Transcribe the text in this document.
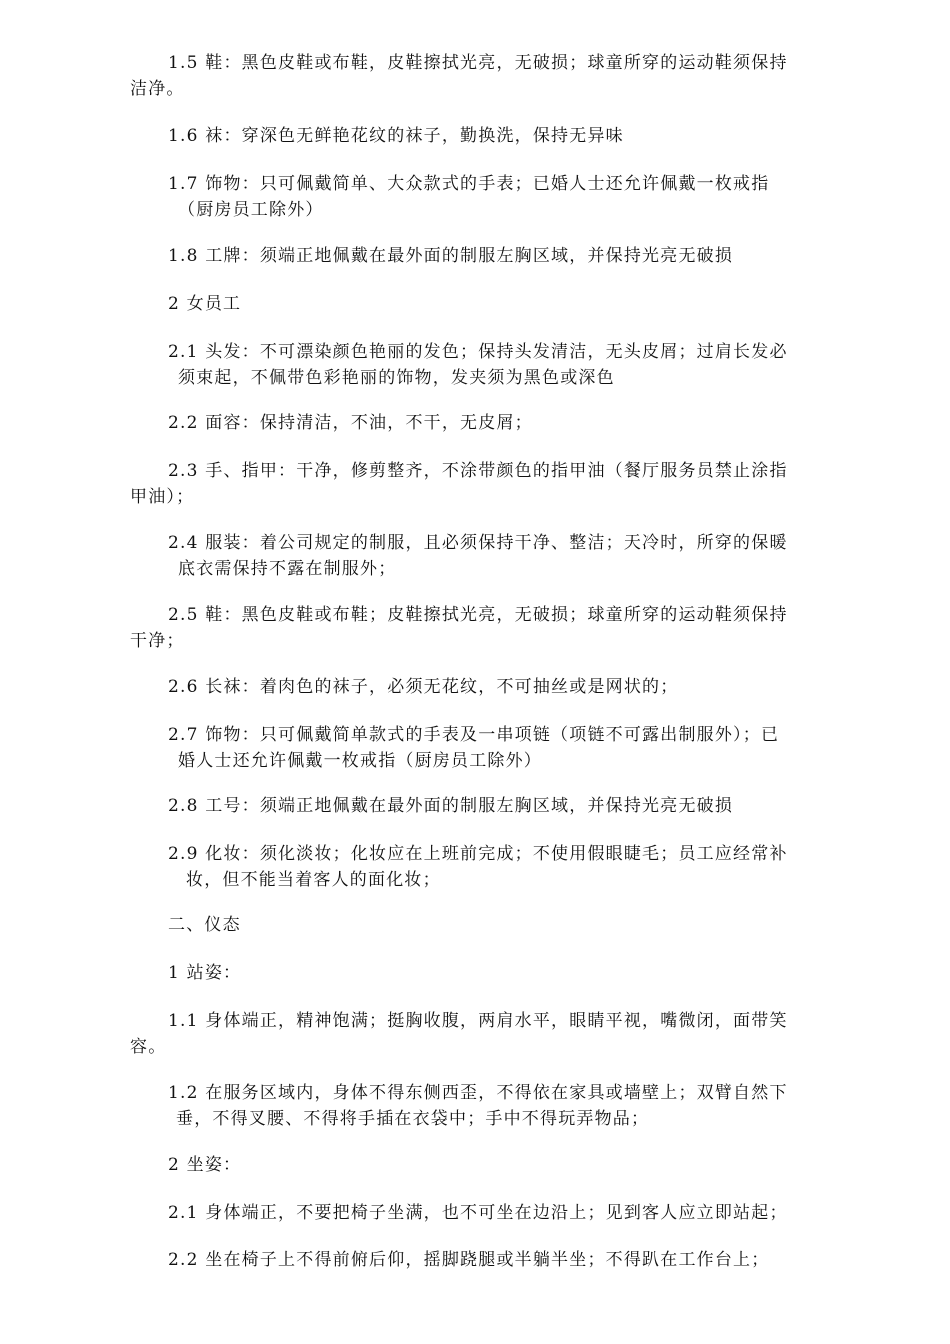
1.5 鞋：黑色皮鞋或布鞋，皮鞋擦拭光亮，无破损；球童所穿的运动鞋须保持
洁净。
1.6 袜：穿深色无鲜艳花纹的袜子，勤换洗，保持无异味
1.7 饰物：只可佩戴简单、大众款式的手表；已婚人士还允许佩戴一枚戒指
（厨房员工除外）
1.8 工牌：须端正地佩戴在最外面的制服左胸区域，并保持光亮无破损
2 女员工
2.1 头发：不可漂染颜色艳丽的发色；保持头发清洁，无头皮屑；过肩长发必
须束起，不佩带色彩艳丽的饰物，发夹须为黑色或深色
2.2 面容：保持清洁，不油，不干，无皮屑；
2.3 手、指甲：干净，修剪整齐，不涂带颜色的指甲油（餐厅服务员禁止涂指
甲油）；
2.4 服装：着公司规定的制服，且必须保持干净、整洁；天冷时，所穿的保暖
底衣需保持不露在制服外；
2.5 鞋：黑色皮鞋或布鞋；皮鞋擦拭光亮，无破损；球童所穿的运动鞋须保持
干净；
2.6 长袜：着肉色的袜子，必须无花纹，不可抽丝或是网状的；
2.7 饰物：只可佩戴简单款式的手表及一串项链（项链不可露出制服外）；已
婚人士还允许佩戴一枚戒指（厨房员工除外）
2.8 工号：须端正地佩戴在最外面的制服左胸区域，并保持光亮无破损
2.9 化妆：须化淡妆；化妆应在上班前完成；不使用假眼睫毛；员工应经常补
妆，但不能当着客人的面化妆；
二、仪态
1 站姿：
1.1 身体端正，精神饱满；挺胸收腹，两肩水平，眼睛平视，嘴微闭，面带笑
容。
1.2 在服务区域内，身体不得东侧西歪，不得依在家具或墙壁上；双臂自然下
垂，不得叉腰、不得将手插在衣袋中；手中不得玩弄物品；
2 坐姿：
2.1 身体端正，不要把椅子坐满，也不可坐在边沿上；见到客人应立即站起；
2.2 坐在椅子上不得前俯后仰，摇脚跷腿或半躺半坐；不得趴在工作台上；
